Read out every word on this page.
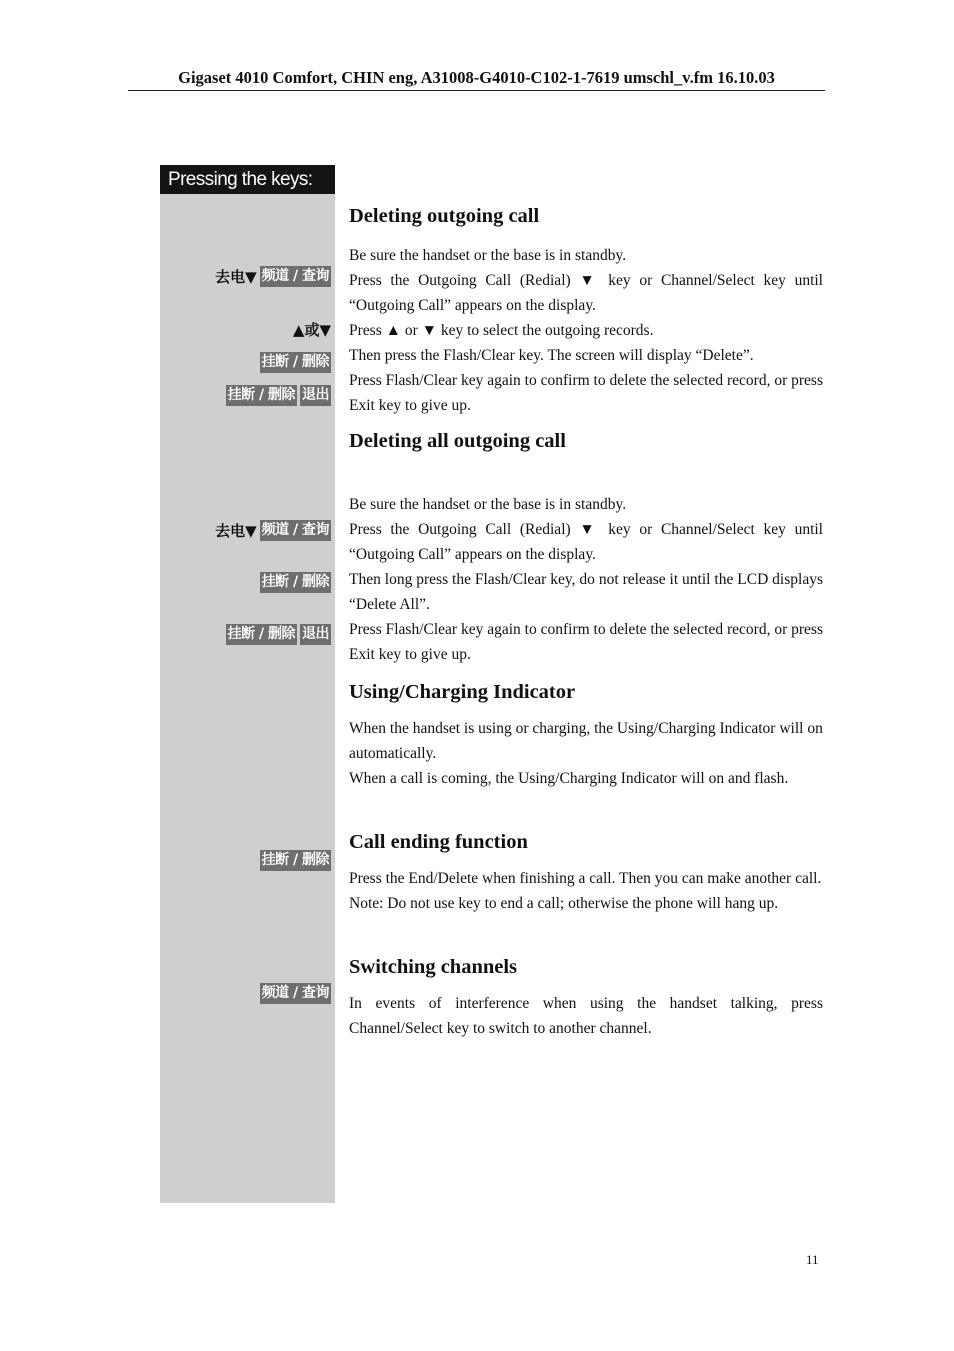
Gigaset 4010 Comfort, CHIN eng, A31008-G4010-C102-1-7619 umschl_v.fm 16.10.03
Pressing the keys:
去电▼ 频道 / 查询
▲或▼
挂断 / 删除
挂断 / 删除 退出
去电▼ 频道 / 查询
挂断 / 删除
挂断 / 删除 退出
挂断 / 删除
频道 / 查询
Deleting outgoing call

Be sure the handset or the base is in standby.

Press the Outgoing Call (Redial) ▼ key or Channel/Select key until “Outgoing Call” appears on the display.

Press ▲ or ▼ key to select the outgoing records.

Then press the Flash/Clear key. The screen will display “Delete”.

Press Flash/Clear key again to confirm to delete the selected record, or press Exit key to give up.

Deleting all outgoing call

Be sure the handset or the base is in standby.

Press the Outgoing Call (Redial) ▼ key or Channel/Select key until “Outgoing Call” appears on the display.

Then long press the Flash/Clear key, do not release it until the LCD displays “Delete All”.

Press Flash/Clear key again to confirm to delete the selected record, or press Exit key to give up.

Using/Charging Indicator

When the handset is using or charging, the Using/Charging Indicator will on automatically.

When a call is coming, the Using/Charging Indicator will on and flash.

Call ending function

Press the End/Delete when finishing a call. Then you can make another call.

Note: Do not use key to end a call; otherwise the phone will hang up.

Switching channels

In events of interference when using the handset talking, press Channel/Select key to switch to another channel.

11
